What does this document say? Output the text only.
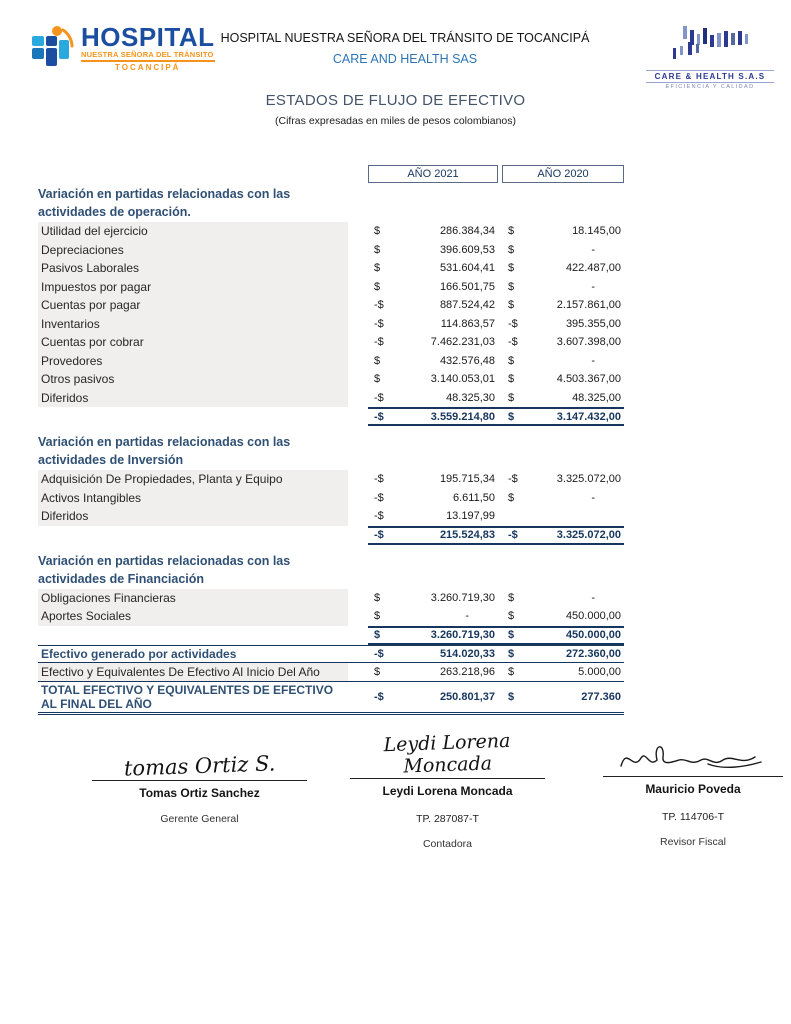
HOSPITAL
NUESTRA SEÑORA DEL TRÁNSITO
TOCANCIPÁ
HOSPITAL NUESTRA SEÑORA DEL TRÁNSITO DE TOCANCIPÁ
CARE AND HEALTH SAS
CARE & HEALTH S.A.S
EFICIENCIA Y CALIDAD
ESTADOS DE FLUJO DE EFECTIVO
(Cifras expresadas en miles de pesos colombianos)
AÑO 2021	AÑO 2020
Variación en partidas relacionadas con las actividades de operación.
Utilidad del ejercicio	$	286.384,34 $	18.145,00
Depreciaciones	$	396.609,53 $	-
Pasivos Laborales	$	531.604,41 $	422.487,00
Impuestos por pagar	$	166.501,75 $	-
Cuentas por pagar	-$	887.524,42 $	2.157.861,00
Inventarios	-$	114.863,57 -$	395.355,00
Cuentas por cobrar	-$	7.462.231,03 -$	3.607.398,00
Provedores	$	432.576,48 $	-
Otros pasivos	$	3.140.053,01 $	4.503.367,00
Diferidos	-$	48.325,30 $	48.325,00
-$	3.559.214,80 $	3.147.432,00
Variación en partidas relacionadas con las actividades de Inversión
Adquisición De Propiedades, Planta y Equipo	-$	195.715,34 -$	3.325.072,00
Activos Intangibles	-$	6.611,50 $	-
Diferidos	-$	13.197,99
-$	215.524,83 -$	3.325.072,00
Variación en partidas relacionadas con las actividades de Financiación
Obligaciones Financieras	$	3.260.719,30 $	-
Aportes Sociales	$	-	$	450.000,00
$	3.260.719,30 $	450.000,00
Efectivo generado por actividades	-$	514.020,33 $	272.360,00
Efectivo y Equivalentes De Efectivo Al Inicio Del Año	$	263.218,96 $	5.000,00
TOTAL EFECTIVO Y EQUIVALENTES DE EFECTIVO AL FINAL DEL AÑO	-$	250.801,37 $	277.360
tomas Ortiz S.
Tomas Ortiz Sanchez
Gerente General
Leydi Lorena Moncada
Leydi Lorena Moncada
TP. 287087-T
Contadora
Mauricio Poveda
TP. 114706-T
Revisor Fiscal
